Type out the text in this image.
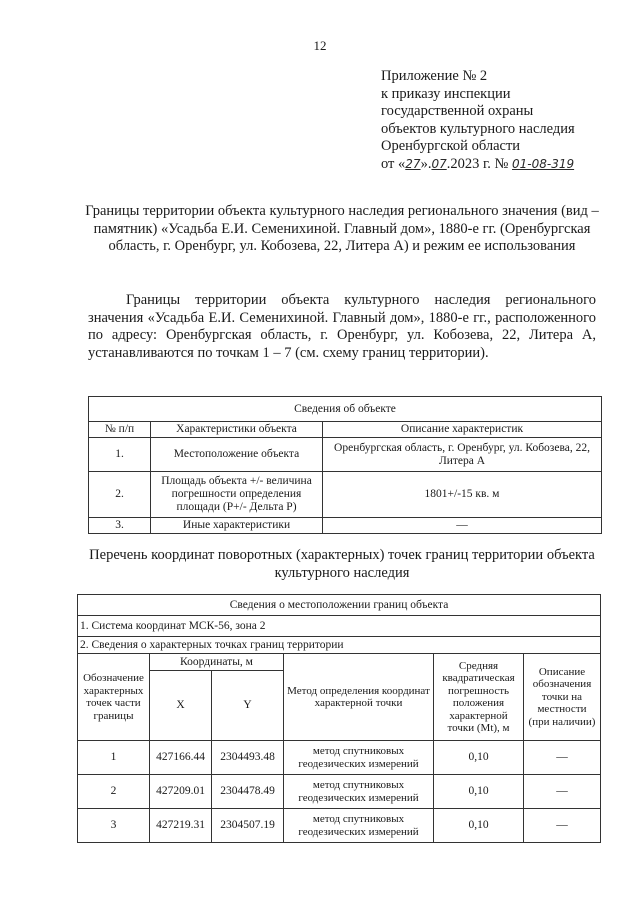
12
Приложение № 2
к приказу инспекции
государственной охраны
объектов культурного наследия
Оренбургской области
от «27».07.2023 г. № 01-08-319
Границы территории объекта культурного наследия регионального значения (вид – памятник) «Усадьба Е.И. Семенихиной. Главный дом», 1880-е гг. (Оренбургская область, г. Оренбург, ул. Кобозева, 22, Литера А) и режим ее использования
Границы территории объекта культурного наследия регионального значения «Усадьба Е.И. Семенихиной. Главный дом», 1880-е гг., расположенного по адресу: Оренбургская область, г. Оренбург, ул. Кобозева, 22, Литера А, устанавливаются по точкам 1 – 7 (см. схему границ территории).
Сведения об объекте		
№ п/п	Характеристики объекта	Описание характеристик
1.	Местоположение объекта	Оренбургская область, г. Оренбург, ул. Кобозева, 22, Литера А
2.	Площадь объекта +/- величина погрешности определения площади (Р+/- Дельта Р)	1801+/-15 кв. м
3.	Иные характеристики	—
Перечень координат поворотных (характерных) точек границ территории объекта культурного наследия
Сведения о местоположении границ объекта					
1. Система координат МСК-56, зона 2					
2. Сведения о характерных точках границ территории					
Обозначение характерных точек части границы	Координаты, м		Метод определения координат характерной точки	Средняя квадратическая погрешность положения характерной точки (Mt), м	Описание обозначения точки на местности (при наличии)
	X	Y			
1	427166.44	2304493.48	метод спутниковых геодезических измерений	0,10	—
2	427209.01	2304478.49	метод спутниковых геодезических измерений	0,10	—
3	427219.31	2304507.19	метод спутниковых геодезических измерений	0,10	—
